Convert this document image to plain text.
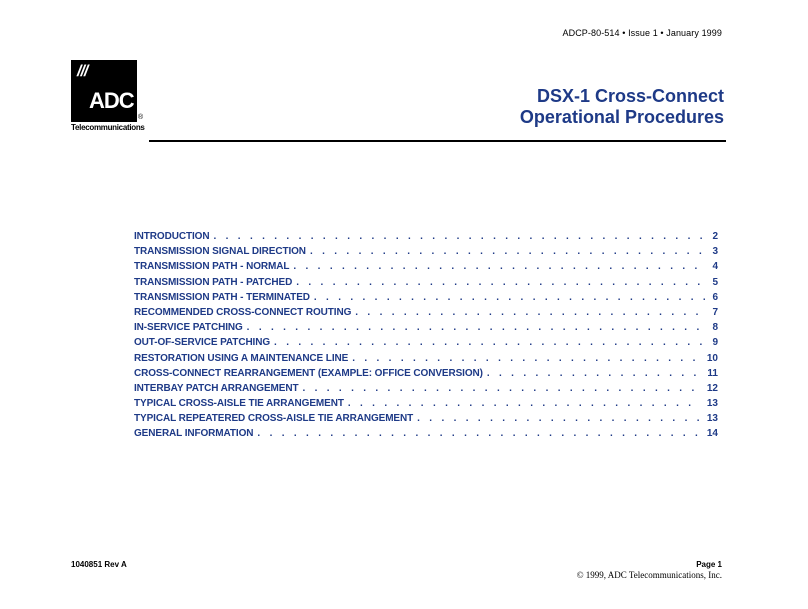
ADCP-80-514 • Issue 1 • January 1999
///
ADC
®
Telecommunications
DSX-1 Cross-Connect
Operational Procedures
INTRODUCTION . . .	2
TRANSMISSION SIGNAL DIRECTION . . .	3
TRANSMISSION PATH - NORMAL . . .	4
TRANSMISSION PATH - PATCHED . . .	5
TRANSMISSION PATH - TERMINATED . . .	6
RECOMMENDED CROSS-CONNECT ROUTING . . .	7
IN-SERVICE PATCHING . . .	8
OUT-OF-SERVICE PATCHING . . .	9
RESTORATION USING A MAINTENANCE LINE . . .	10
CROSS-CONNECT REARRANGEMENT (EXAMPLE: OFFICE CONVERSION) . . .	11
INTERBAY PATCH ARRANGEMENT . . .	12
TYPICAL CROSS-AISLE TIE ARRANGEMENT . . .	13
TYPICAL REPEATERED CROSS-AISLE TIE ARRANGEMENT . . .	13
GENERAL INFORMATION . . .	14
1040851 Rev A	Page 1
© 1999, ADC Telecommunications, Inc.
